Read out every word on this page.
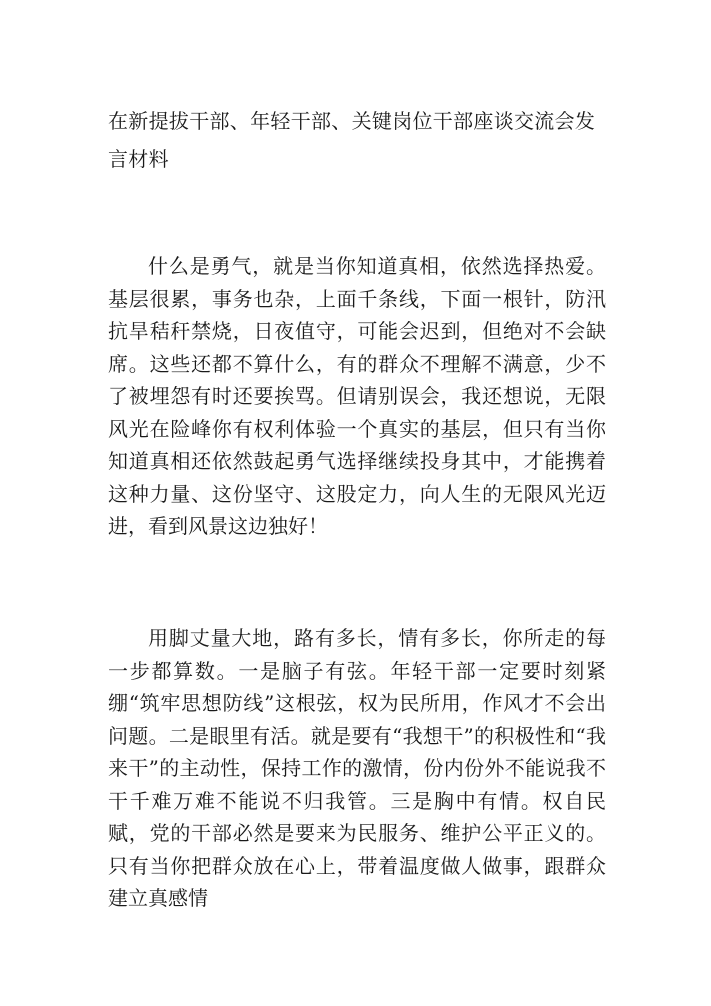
在新提拔干部、年轻干部、关键岗位干部座谈交流会发言材料

什么是勇气，就是当你知道真相，依然选择热爱。基层很累，事务也杂，上面千条线，下面一根针，防汛抗旱秸秆禁烧，日夜值守，可能会迟到，但绝对不会缺席。这些还都不算什么，有的群众不理解不满意，少不了被埋怨有时还要挨骂。但请别误会，我还想说，无限风光在险峰你有权利体验一个真实的基层，但只有当你知道真相还依然鼓起勇气选择继续投身其中，才能携着这种力量、这份坚守、这股定力，向人生的无限风光迈进，看到风景这边独好！

用脚丈量大地，路有多长，情有多长，你所走的每一步都算数。一是脑子有弦。年轻干部一定要时刻紧绷“筑牢思想防线”这根弦，权为民所用，作风才不会出问题。二是眼里有活。就是要有“我想干”的积极性和“我来干”的主动性，保持工作的激情，份内份外不能说我不干千难万难不能说不归我管。三是胸中有情。权自民赋，党的干部必然是要来为民服务、维护公平正义的。只有当你把群众放在心上，带着温度做人做事，跟群众建立真感情
